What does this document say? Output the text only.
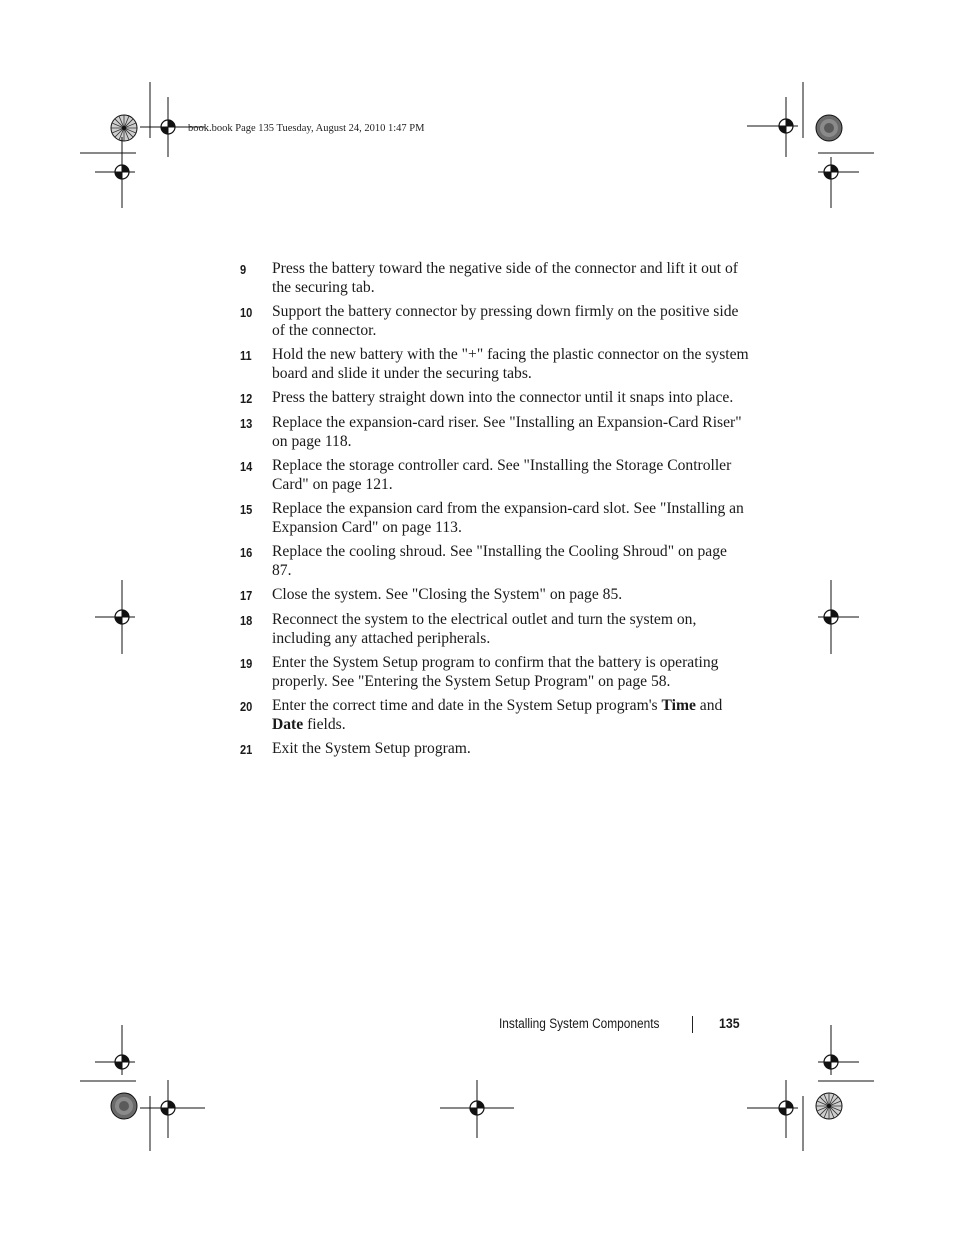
book.book Page 135 Tuesday, August 24, 2010 1:47 PM
9	Press the battery toward the negative side of the connector and lift it out of the securing tab.
10	Support the battery connector by pressing down firmly on the positive side of the connector.
11	Hold the new battery with the "+" facing the plastic connector on the system board and slide it under the securing tabs.
12	Press the battery straight down into the connector until it snaps into place.
13	Replace the expansion-card riser. See "Installing an Expansion-Card Riser" on page 118.
14	Replace the storage controller card. See "Installing the Storage Controller Card" on page 121.
15	Replace the expansion card from the expansion-card slot. See "Installing an Expansion Card" on page 113.
16	Replace the cooling shroud. See "Installing the Cooling Shroud" on page 87.
17	Close the system. See "Closing the System" on page 85.
18	Reconnect the system to the electrical outlet and turn the system on, including any attached peripherals.
19	Enter the System Setup program to confirm that the battery is operating properly. See "Entering the System Setup Program" on page 58.
20	Enter the correct time and date in the System Setup program's Time and Date fields.
21	Exit the System Setup program.
Installing System Components	135
